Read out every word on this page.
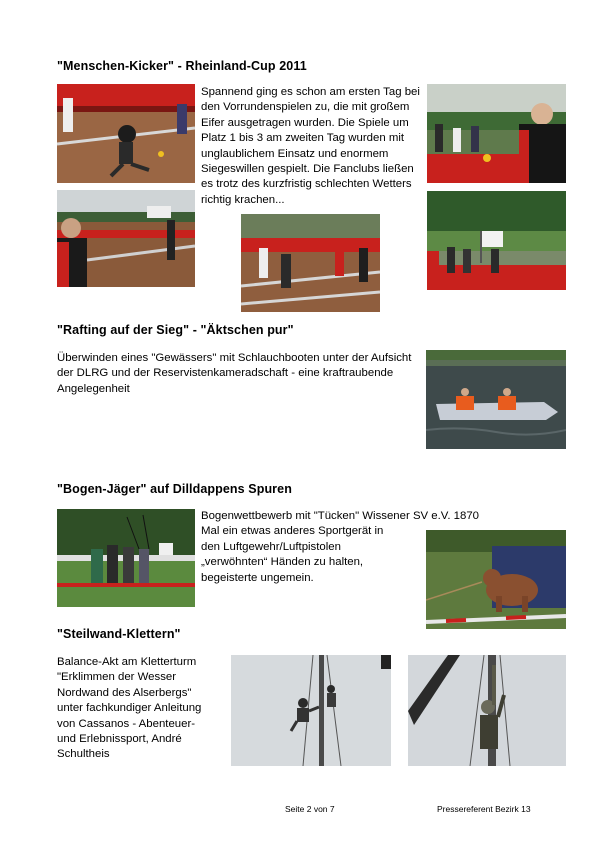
"Menschen-Kicker" - Rheinland-Cup 2011
Spannend ging es schon am ersten Tag bei den Vorrundenspielen zu, die mit großem Eifer ausgetragen wurden. Die Spiele um Platz 1 bis 3 am zweiten Tag wurden mit unglaublichem Einsatz und enormem Siegeswillen gespielt. Die Fanclubs ließen es trotz des kurzfristig schlechten Wetters richtig krachen...
"Rafting auf der Sieg" - "Äktschen pur"
Überwinden eines "Gewässers" mit Schlauchbooten unter der Aufsicht der DLRG und der Reservistenkameradschaft - eine kraftraubende Angelegenheit
"Bogen-Jäger" auf Dilldappens Spuren
Bogenwettbewerb mit "Tücken" Wissener SV e.V. 1870
Mal ein etwas anderes Sportgerät in
den Luftgewehr/Luftpistolen
„verwöhnten“ Händen zu halten,
begeisterte ungemein.
"Steilwand-Klettern"
Balance-Akt am Kletterturm
"Erklimmen der Wesser
Nordwand des Alserbergs"
unter fachkundiger Anleitung
von Cassanos - Abenteuer-
und Erlebnissport, André
Schultheis
Seite 2 von 7	Pressereferent Bezirk 13
